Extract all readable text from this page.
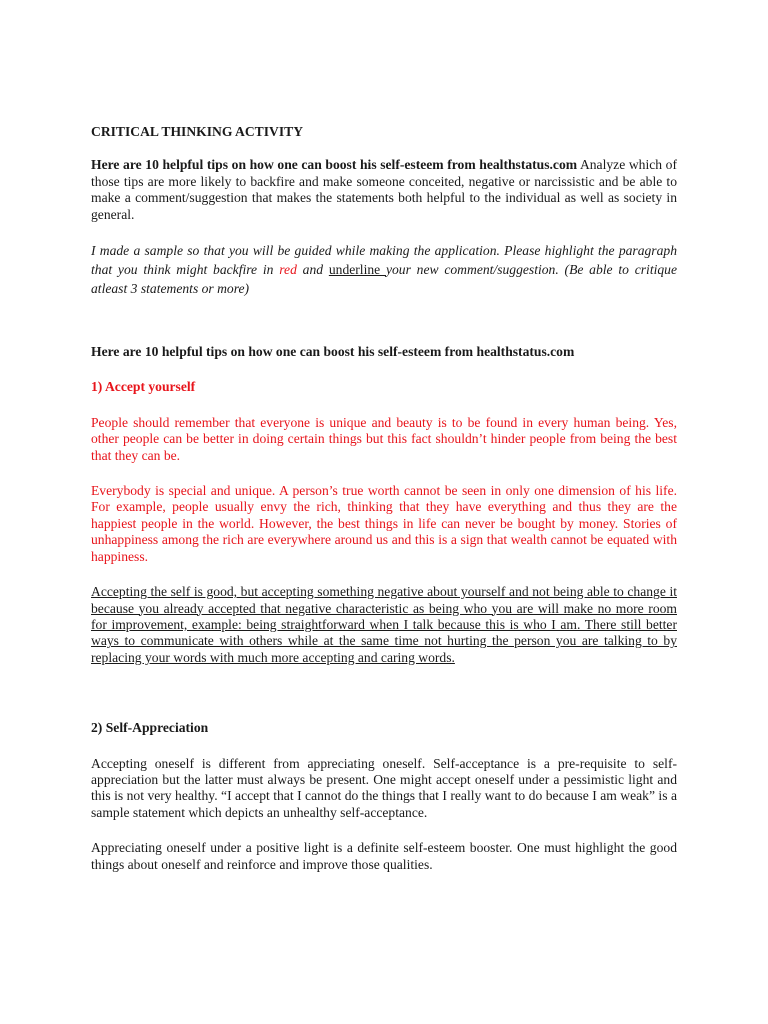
CRITICAL THINKING ACTIVITY

Here are 10 helpful tips on how one can boost his self-esteem from healthstatus.com Analyze which of those tips are more likely to backfire and make someone conceited, negative or narcissistic and be able to make a comment/suggestion that makes the statements both helpful to the individual as well as society in general.

I made a sample so that you will be guided while making the application. Please highlight the paragraph that you think might backfire in red and underline your new comment/suggestion. (Be able to critique atleast 3 statements or more)

Here are 10 helpful tips on how one can boost his self-esteem from healthstatus.com

1) Accept yourself

People should remember that everyone is unique and beauty is to be found in every human being. Yes, other people can be better in doing certain things but this fact shouldn’t hinder people from being the best that they can be.

Everybody is special and unique. A person’s true worth cannot be seen in only one dimension of his life. For example, people usually envy the rich, thinking that they have everything and thus they are the happiest people in the world. However, the best things in life can never be bought by money. Stories of unhappiness among the rich are everywhere around us and this is a sign that wealth cannot be equated with happiness.

Accepting the self is good, but accepting something negative about yourself and not being able to change it because you already accepted that negative characteristic as being who you are will make no more room for improvement, example: being straightforward when I talk because this is who I am. There still better ways to communicate with others while at the same time not hurting the person you are talking to by replacing your words with much more accepting and caring words.

2) Self-Appreciation

Accepting oneself is different from appreciating oneself. Self-acceptance is a pre-requisite to self-appreciation but the latter must always be present. One might accept oneself under a pessimistic light and this is not very healthy. “I accept that I cannot do the things that I really want to do because I am weak” is a sample statement which depicts an unhealthy self-acceptance.

Appreciating oneself under a positive light is a definite self-esteem booster. One must highlight the good things about oneself and reinforce and improve those qualities.
